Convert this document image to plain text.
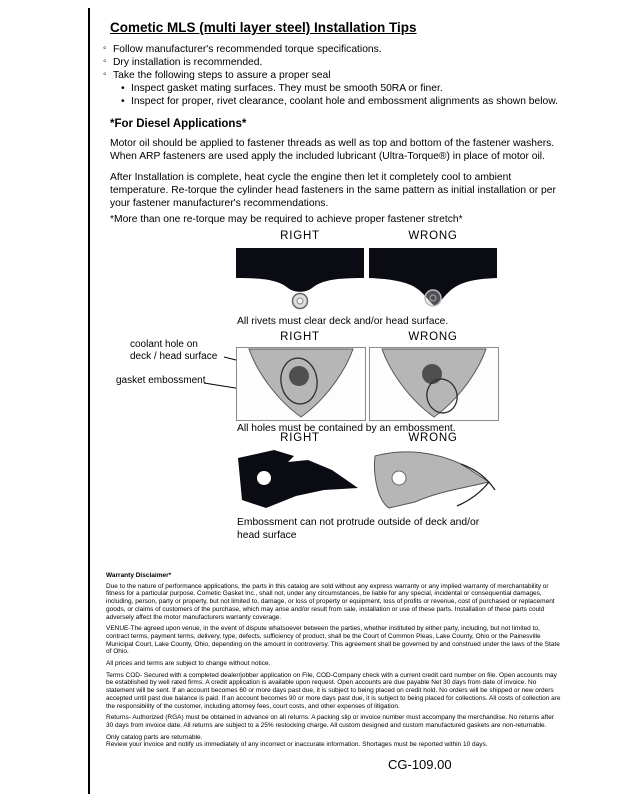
Cometic MLS (multi layer steel) Installation Tips
◦ Follow manufacturer's recommended torque specifications.
◦ Dry installation is recommended.
◦ Take the following steps to assure a proper seal
• Inspect gasket mating surfaces. They must be smooth 50RA or finer.
• Inspect for proper, rivet clearance, coolant hole and embossment alignments as shown below.
*For Diesel Applications*
Motor oil should be applied to fastener threads as well as top and bottom of the fastener washers. When ARP fasteners are used apply the included lubricant (Ultra-Torque®) in place of motor oil.
After Installation is complete, heat cycle the engine then let it completely cool to ambient temperature. Re-torque the cylinder head fasteners in the same pattern as initial installation or per your fastener manufacturer's recommendations.
*More than one re-torque may be required to achieve proper fastener stretch*
RIGHT	WRONG
All rivets must clear deck and/or head surface.
RIGHT	WRONG
coolant hole on
deck / head surface
gasket embossment
All holes must be contained by an embossment.
RIGHT	WRONG
Embossment can not protrude outside of deck and/or head surface
Warranty Disclaimer*

Due to the nature of performance applications, the parts in this catalog are sold without any express warranty or any implied warranty of merchantability or fitness for a particular purpose. Cometic Gasket Inc., shall not, under any circumstances, be liable for any special, incidental or consequential damages, including, person, party or property, but not limited to, damage, or loss of property or equipment, loss of profits or revenue, cost of purchased or replacement goods, or claims of customers of the purchase, which may arise and/or result from sale, installation or use of these parts. Installation of these parts could adversely affect the motor manufacturers warranty coverage.

VENUE-The agreed upon venue, in the event of dispute whatsoever between the parties, whether instituted by either party, including, but not limited to, contract terms, payment terms, delivery, type, defects, sufficiency of product, shall be the Court of Common Pleas, Lake County, Ohio or the Painesville Municipal Court, Lake County, Ohio, depending on the amount in controversy. This agreement shall be governed by and construed under the laws of the State of Ohio.

All prices and terms are subject to change without notice.

Terms COD- Secured with a completed dealer/jobber application on File, COD-Company check with a current credit card number on file. Open accounts may be established by well rated firms. A credit application is available upon request. Open accounts are due payable Net 30 days from date of invoice. No statement will be sent. If an account becomes 60 or more days past due, it is subject to being placed on credit hold. No orders will be shipped or new orders accepted until past due balance is paid. If an account becomes 90 or more days past due, it is subject to being placed for collections. All costs of collection are the responsibility of the customer, including attorney fees, court costs, and other expenses of litigation.

Returns- Authorized (RGA) must be obtained in advance on all returns. A packing slip or invoice number must accompany the merchandise. No returns after 30 days from invoice date. All returns are subject to a 25% restocking charge. All custom designed and custom manufactured gaskets are non-returnable.

Only catalog parts are returnable.

Review your invoice and notify us immediately of any incorrect or inaccurate information. Shortages must be reported within 10 days.

CG-109.00
